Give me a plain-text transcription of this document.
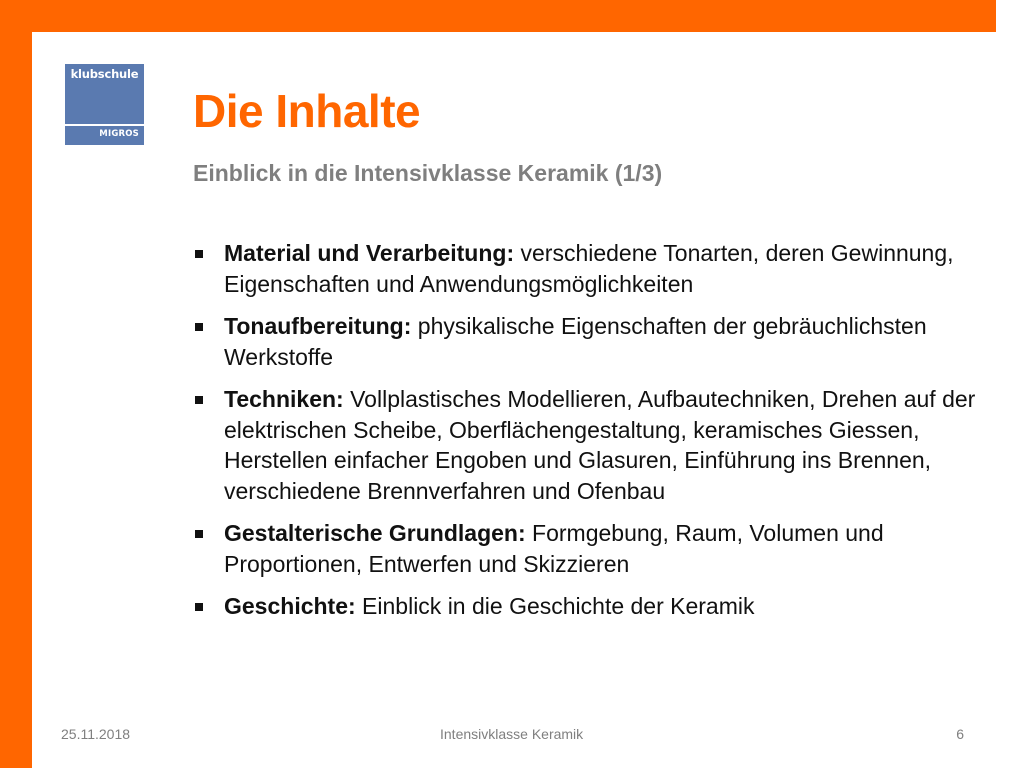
klubschule
MIGROS Die Inhalte
Einblick in die Intensivklasse Keramik (1/3)
Material und Verarbeitung: verschiedene Tonarten, deren Gewinnung, Eigenschaften und Anwendungsmöglichkeiten
Tonaufbereitung: physikalische Eigenschaften der gebräuchlichsten Werkstoffe
Techniken: Vollplastisches Modellieren, Aufbautechniken, Drehen auf der elektrischen Scheibe, Oberflächengestaltung, keramisches Giessen, Herstellen einfacher Engoben und Glasuren, Einführung ins Brennen, verschiedene Brennverfahren und Ofenbau
Gestalterische Grundlagen: Formgebung, Raum, Volumen und Proportionen, Entwerfen und Skizzieren
Geschichte: Einblick in die Geschichte der Keramik
25.11.2018	Intensivklasse Keramik	6
